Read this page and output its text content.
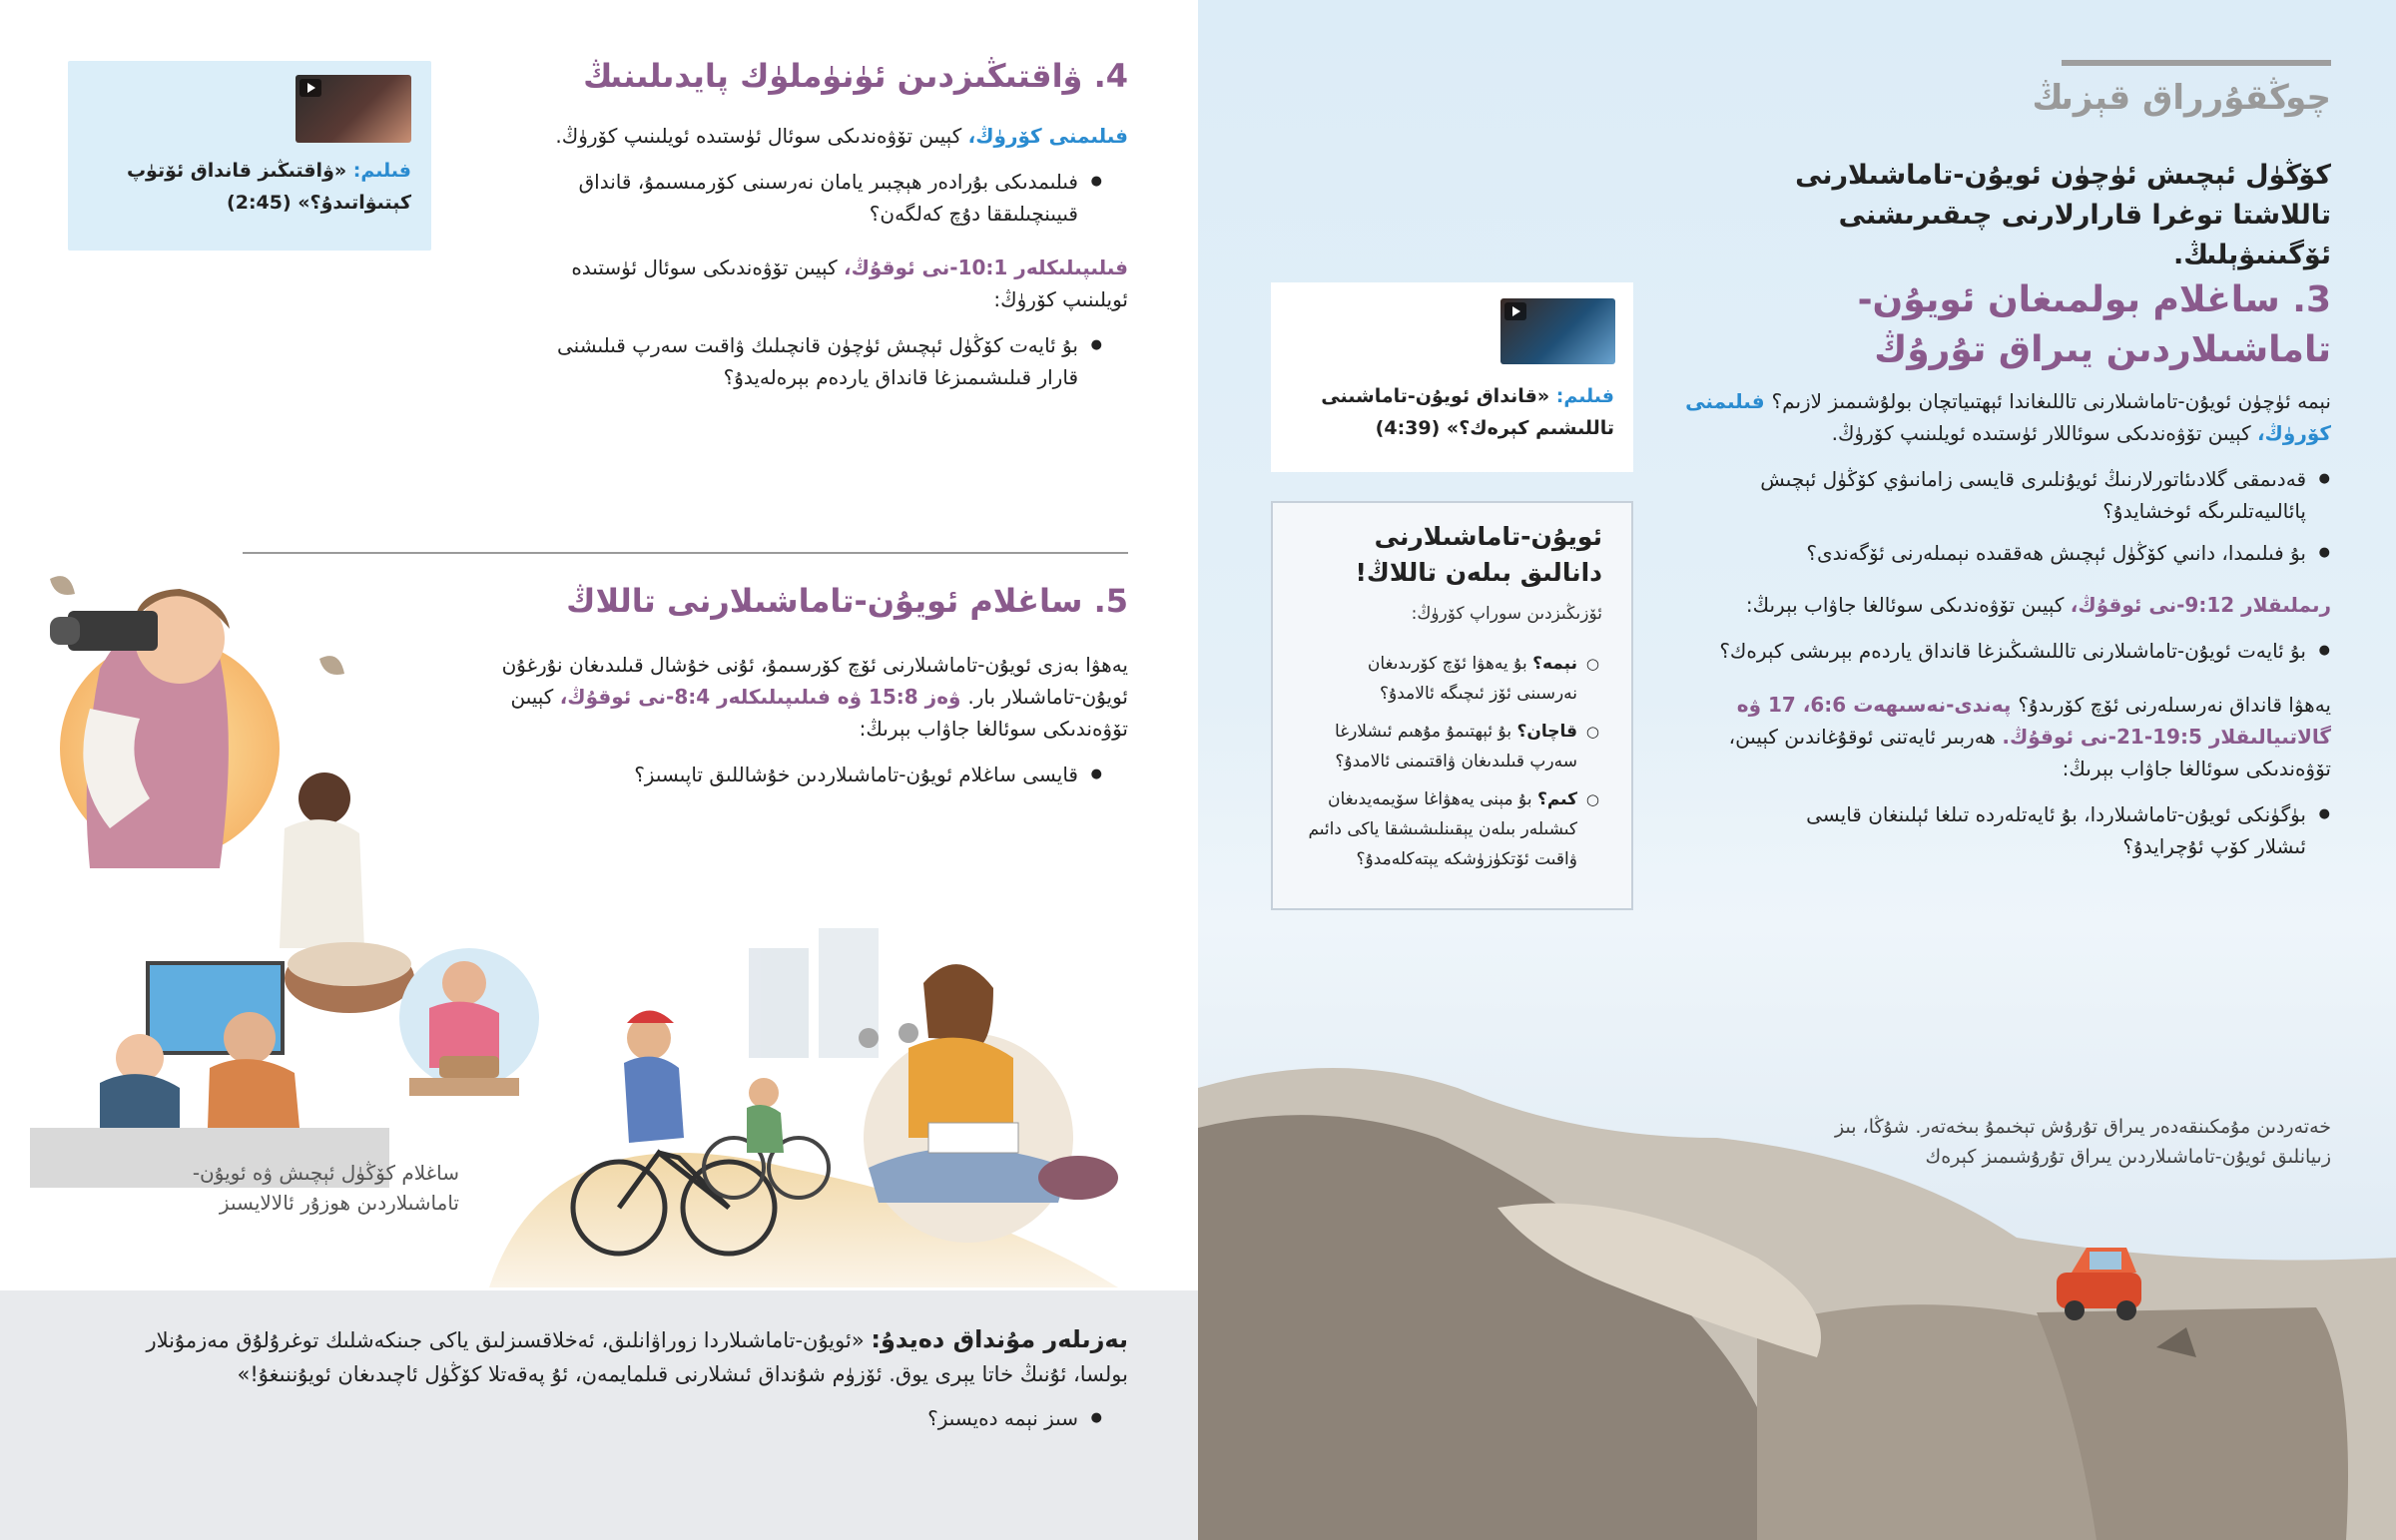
فىلىم: «ۋاقتىڭىز قانداق ئۆتۈپ كېتىۋاتىدۇ؟» (2:45)
4. ۋاقتىڭىزدىن ئۈنۈملۈك پايدىلىنىڭ
فىلىمنى كۆرۈڭ، كېيىن تۆۋەندىكى سوئال ئۈستىدە ئويلىنىپ كۆرۈڭ.
● فىلىمدىكى بۇرادەر ھېچبىر يامان نەرسىنى كۆرمىسىمۇ، قانداق قىيىنچىلىققا دۇچ كەلگەن؟
فىلىپىلىكلەر 10:1-نى ئوقۇڭ، كېيىن تۆۋەندىكى سوئال ئۈستىدە ئويلىنىپ كۆرۈڭ:
● بۇ ئايەت كۆڭۈل ئېچىش ئۈچۈن قانچىلىك ۋاقىت سەرپ قىلىشنى قارار قىلىشىمىزغا قانداق ياردەم بېرەلەيدۇ؟
5. ساغلام ئويۇن-تاماشىلارنى تاللاڭ
يەھۋا بەزى ئويۇن-تاماشىلارنى ئۆچ كۆرسىمۇ، ئۇنى خۇشال قىلىدىغان نۇرغۇن ئويۇن-تاماشىلار بار. ۋەز 15:8 ۋە فىلىپىلىكلەر 8:4-نى ئوقۇڭ، كېيىن تۆۋەندىكى سوئالغا جاۋاب بېرىڭ:
● قايسى ساغلام ئويۇن-تاماشىلاردىن خۇشاللىق تاپىسىز؟
ساغلام كۆڭۈل ئېچىش ۋە ئويۇن-تاماشىلاردىن ھوزۇر ئالالايسىز
بەزىلەر مۇنداق دەيدۇ: «ئويۇن-تاماشىلاردا زوراۋانلىق، ئەخلاقسىزلىق ياكى جىنكەشلىك توغرۇلۇق مەزمۇنلار بولسا، ئۇنىڭ خاتا يېرى يوق. ئۆزۈم شۇنداق ئىشلارنى قىلمايمەن، ئۇ پەقەتلا كۆڭۈل ئاچىدىغان ئويۇننىغۇ!»
● سىز نېمە دەيسىز؟
چوڭقۇرراق قېزىڭ
كۆڭۈل ئېچىش ئۈچۈن ئويۇن-تاماشىلارنى تاللاشتا توغرا قارارلارنى چىقىرىشنى ئۆگىنىۋېلىڭ.
3. ساغلام بولمىغان ئويۇن-تاماشىلاردىن يىراق تۇرۇڭ
نېمە ئۈچۈن ئويۇن-تاماشىلارنى تاللىغاندا ئېھتىياتچان بولۇشىمىز لازىم؟ فىلىمنى كۆرۈڭ، كېيىن تۆۋەندىكى سوئاللار ئۈستىدە ئويلىنىپ كۆرۈڭ.
● قەدىمقى گلادىئاتورلارنىڭ ئويۇنلىرى قايسى زامانىۋي كۆڭۈل ئېچىش پائالىيەتلىرىگە ئوخشايدۇ؟
● بۇ فىلىمدا، دانىي كۆڭۈل ئېچىش ھەققىدە نېمىلەرنى ئۆگەندى؟
رىملىقلار 9:12-نى ئوقۇڭ، كېيىن تۆۋەندىكى سوئالغا جاۋاب بېرىڭ:
● بۇ ئايەت ئويۇن-تاماشىلارنى تاللىشىڭىزغا قانداق ياردەم بېرىشى كېرەك؟
يەھۋا قانداق نەرسىلەرنى ئۆچ كۆرىدۇ؟ پەندى-نەسىھەت 6:6، 17 ۋە گالاتىيالىقلار 19:5-21-نى ئوقۇڭ. ھەربىر ئايەتنى ئوقۇغاندىن كېيىن، تۆۋەندىكى سوئالغا جاۋاب بېرىڭ:
● بۈگۈنكى ئويۇن-تاماشىلاردا، بۇ ئايەتلەردە تىلغا ئېلىنغان قايسى ئىشلار كۆپ ئۇچرايدۇ؟
فىلىم: «قانداق ئويۇن-تاماشىنى تاللىشىم كېرەك؟» (4:39)
ئويۇن-تاماشىلارنى دانالىق بىلەن تاللاڭ!
ئۆزىڭىزدىن سوراپ كۆرۈڭ:
○ نېمە؟ بۇ يەھۋا ئۆچ كۆرىدىغان نەرسىنى ئۆز ئىچىگە ئالامدۇ؟
○ قاچان؟ بۇ ئېھتىمۇ مۇھىم ئىشلارغا سەرپ قىلىدىغان ۋاقتىمنى ئالامدۇ؟
○ كىم؟ بۇ مېنى يەھۋاغا سۆيمەيدىغان كىشىلەر بىلەن يېقىنلىشىشقا ياكى دائىم ۋاقىت ئۆتكۈزۈشكە يېتەكلەمدۇ؟
خەتەردىن مۇمكىنقەدەر يىراق تۇرۇش تېخىمۇ بىخەتەر. شۇڭا، بىز زىيانلىق ئويۇن-تاماشىلاردىن يىراق تۇرۇشىمىز كېرەك
